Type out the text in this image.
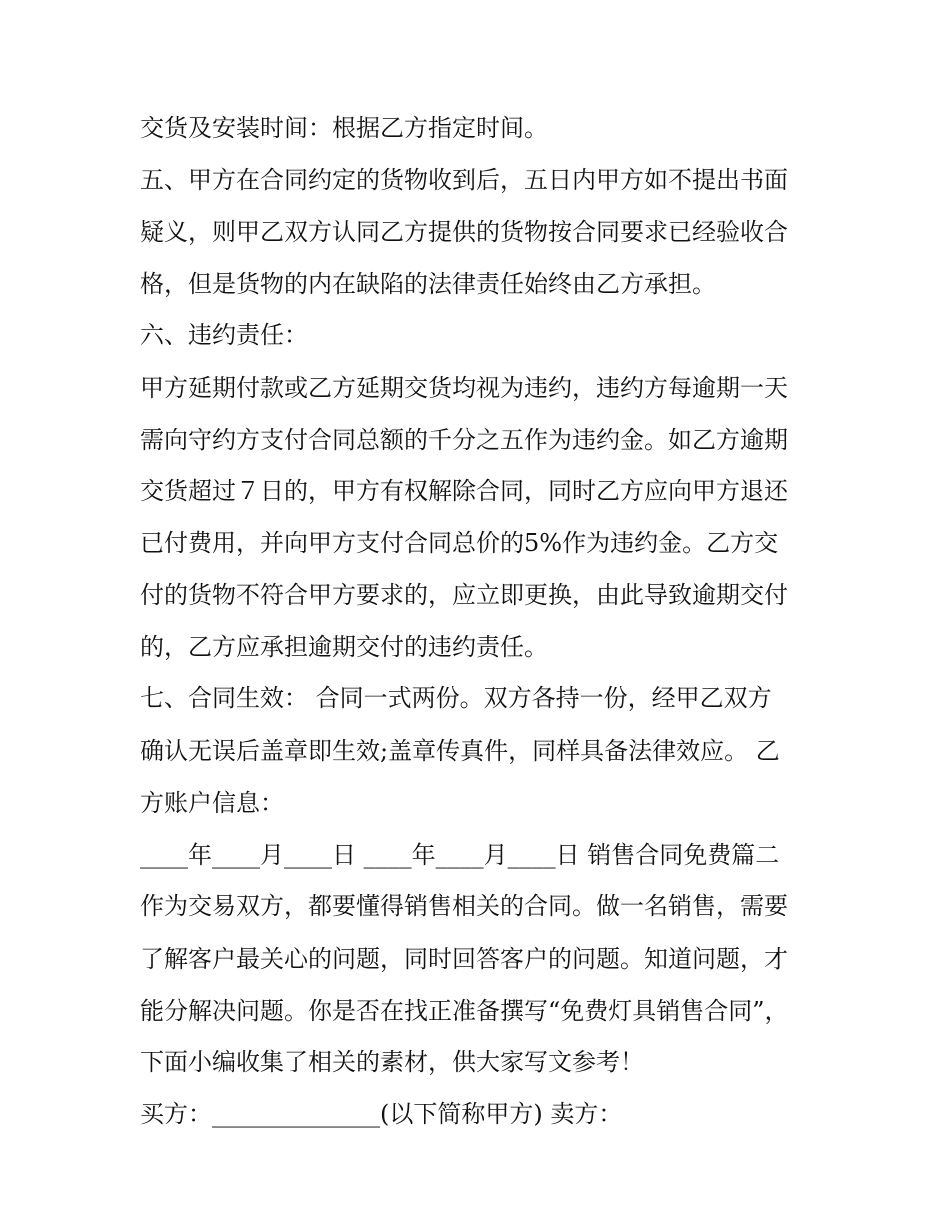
交货及安装时间：根据乙方指定时间。
五、甲方在合同约定的货物收到后，五日内甲方如不提出书面
疑义，则甲乙双方认同乙方提供的货物按合同要求已经验收合
格，但是货物的内在缺陷的法律责任始终由乙方承担。
六、违约责任：
甲方延期付款或乙方延期交货均视为违约，违约方每逾期一天
需向守约方支付合同总额的千分之五作为违约金。如乙方逾期
交货超过７日的，甲方有权解除合同，同时乙方应向甲方退还
已付费用，并向甲方支付合同总价的5%作为违约金。乙方交
付的货物不符合甲方要求的，应立即更换，由此导致逾期交付
的，乙方应承担逾期交付的违约责任。
七、合同生效： 合同一式两份。双方各持一份，经甲乙双方
确认无误后盖章即生效;盖章传真件，同样具备法律效应。 乙
方账户信息：
____年____月____日 ____年____月____日 销售合同免费篇二
作为交易双方，都要懂得销售相关的合同。做一名销售，需要
了解客户最关心的问题，同时回答客户的问题。知道问题，才
能分解决问题。你是否在找正准备撰写“免费灯具销售合同”，
下面小编收集了相关的素材，供大家写文参考！
买方：______________(以下简称甲方) 卖方：
